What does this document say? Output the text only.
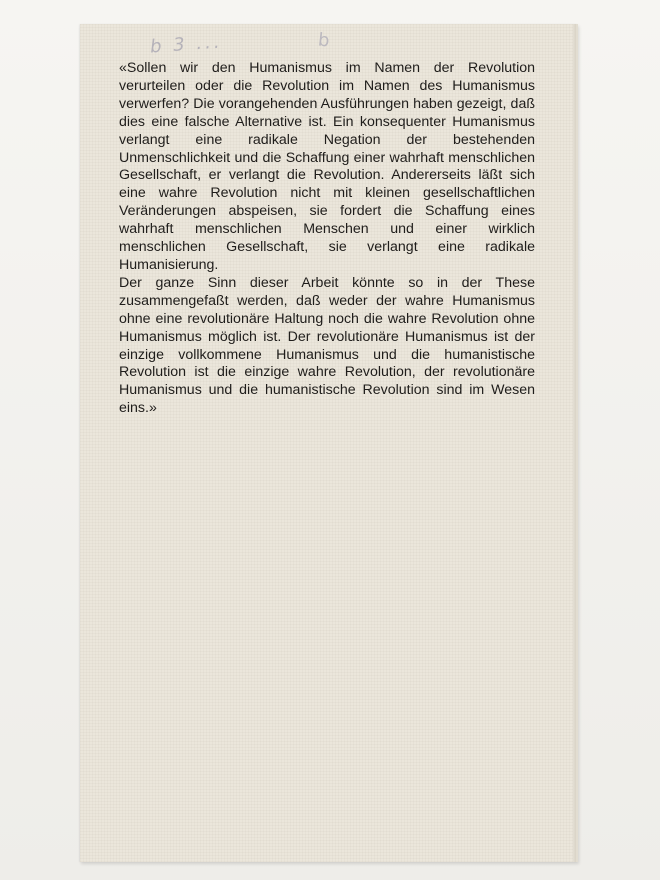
b 3 ...	b

«Sollen wir den Humanismus im Namen der Revolution verurteilen oder die Revolution im Namen des Humanismus verwerfen? Die vorangehenden Ausführungen haben gezeigt, daß dies eine falsche Alternative ist. Ein konsequenter Humanismus verlangt eine radikale Negation der bestehenden Unmenschlichkeit und die Schaffung einer wahrhaft menschlichen Gesellschaft, er verlangt die Revolution. Andererseits läßt sich eine wahre Revolution nicht mit kleinen gesellschaftlichen Veränderungen abspeisen, sie fordert die Schaffung eines wahrhaft menschlichen Menschen und einer wirklich menschlichen Gesellschaft, sie verlangt eine radikale Humanisierung.

Der ganze Sinn dieser Arbeit könnte so in der These zusammengefaßt werden, daß weder der wahre Humanismus ohne eine revolutionäre Haltung noch die wahre Revolution ohne Humanismus möglich ist. Der revolutionäre Humanismus ist der einzige vollkommene Humanismus und die humanistische Revolution ist die einzige wahre Revolution, der revolutionäre Humanismus und die humanistische Revolution sind im Wesen eins.»
